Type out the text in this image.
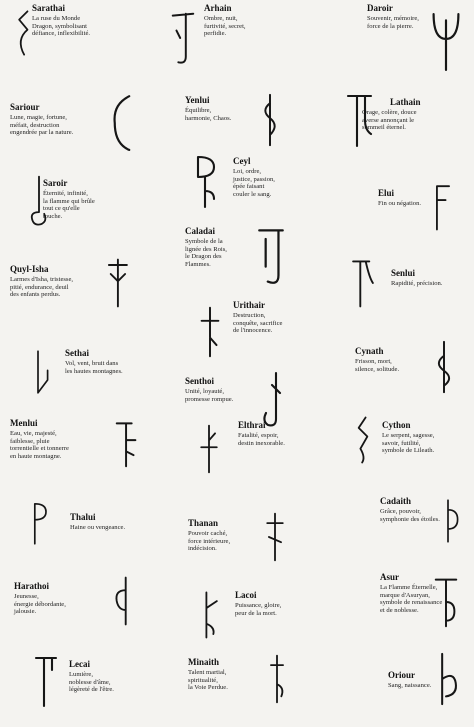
Sarathai
La ruse du Monde
Dragon, symbolisant
défiance, inflexibilité.
Arhain
Ombre, nuit,
furtivité, secret,
perfidie.
Daroir
Souvenir, mémoire,
force de la pierre.
Sariour
Lune, magie, fortune,
méfait, destruction
engendrée par la nature.
Yenlui
Équilibre,
harmonie, Chaos.
Lathain
Orage, colère, douce
averse annonçant le
sommeil éternel.
Ceyl
Loi, ordre,
justice, passion,
épée faisant
couler le sang.
Saroir
Éternité, infinité,
la flamme qui brûle
tout ce qu'elle
touche.
Elui
Fin ou négation.
Caladai
Symbole de la
lignée des Rois,
le Dragon des
Flammes.
Quyl-Isha
Larmes d'Isha, tristesse,
pitié, endurance, deuil
des enfants perdus.
Senlui
Rapidité, précision.
Urithair
Destruction,
conquête, sacrifice
de l'innocence.
Cynath
Frisson, mort,
silence, solitude.
Sethai
Vol, vent, bruit dans
les hautes montagnes.
Senthoi
Unité, loyauté,
promesse rompue.
Menlui
Eau, vie, majesté,
faiblesse, pluie
torrentielle et tonnerre
en haute montagne.
Elthrai
Fatalité, espoir,
destin inexorable.
Cython
Le serpent, sagesse,
savoir, futilité,
symbole de Lileath.
Cadaith
Grâce, pouvoir,
symphonie des étoiles.
Thalui
Haine ou vengeance.	Thanan
Pouvoir caché,
force intérieure,
indécision.
Asur
La Flamme Éternelle,
marque d'Asuryan,
symbole de renaissance
et de noblesse.
Harathoi
Jeunesse,
énergie débordante,
jalousie.
Lacoi
Puissance, gloire,
peur de la mort.
Lecai
Lumière,
noblesse d'âme,
légèreté de l'être.
Minaith
Talent martial,
spiritualité,
la Voie Perdue.
Oriour
Sang, naissance.
